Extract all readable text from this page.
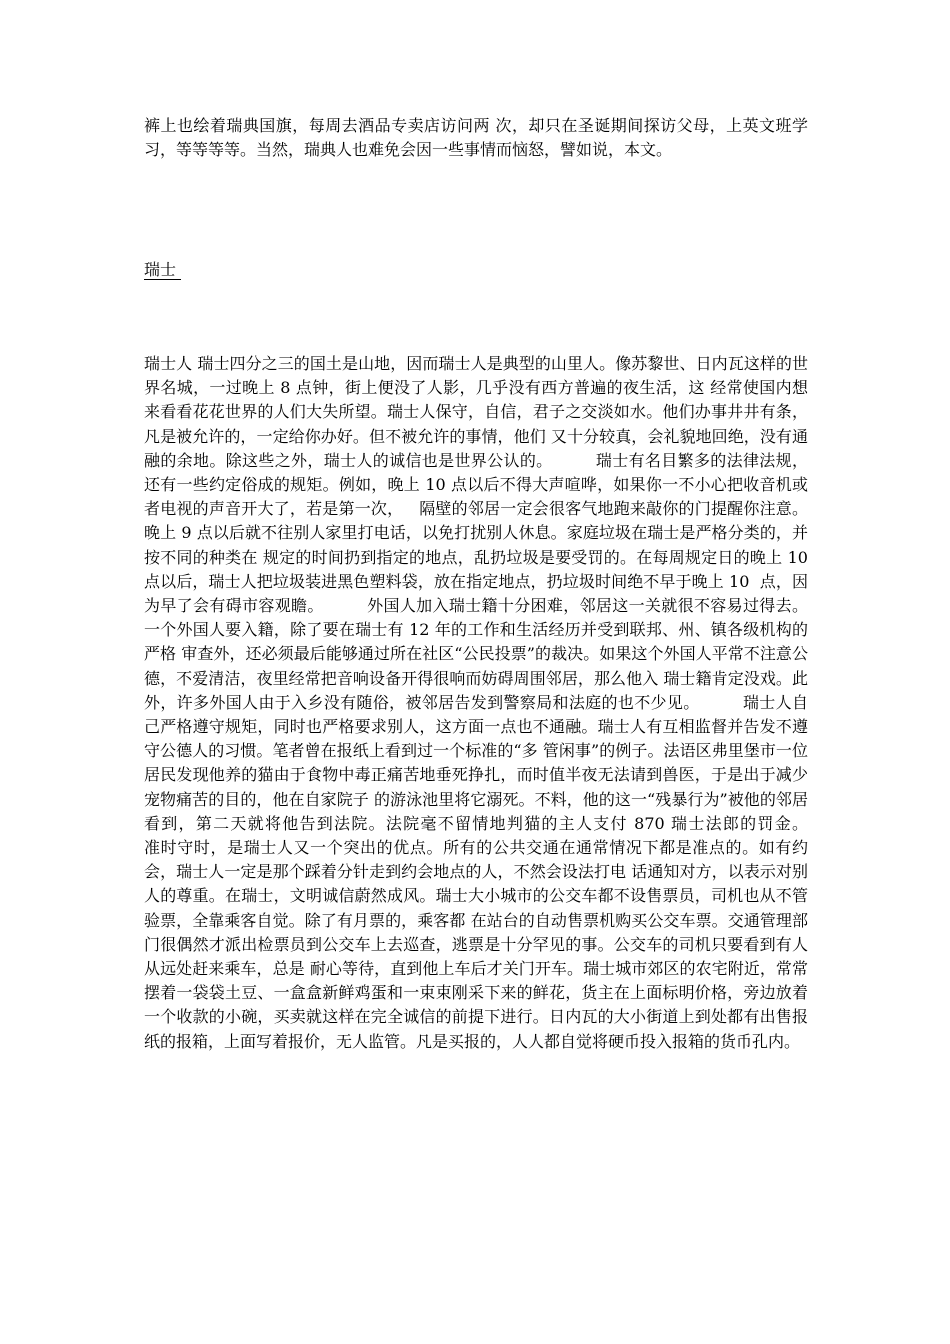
裤上也绘着瑞典国旗，每周去酒品专卖店访问两 次，却只在圣诞期间探访父母，上英文班学习，等等等等。当然，瑞典人也难免会因一些事情而恼怒，譬如说，本文。

瑞士

瑞士人 瑞士四分之三的国土是山地，因而瑞士人是典型的山里人。像苏黎世、日内瓦这样的世界名城，一过晚上 8 点钟，街上便没了人影，几乎没有西方普遍的夜生活，这 经常使国内想来看看花花世界的人们大失所望。瑞士人保守，自信，君子之交淡如水。他们办事井井有条，凡是被允许的，一定给你办好。但不被允许的事情，他们 又十分较真，会礼貌地回绝，没有通融的余地。除这些之外，瑞士人的诚信也是世界公认的。        瑞士有名目繁多的法律法规，还有一些约定俗成的规矩。例如，晚上 10 点以后不得大声喧哗，如果你一不小心把收音机或者电视的声音开大了，若是第一次，   隔壁的邻居一定会很客气地跑来敲你的门提醒你注意。晚上 9 点以后就不往别人家里打电话，以免打扰别人休息。家庭垃圾在瑞士是严格分类的，并按不同的种类在 规定的时间扔到指定的地点，乱扔垃圾是要受罚的。在每周规定日的晚上 10 点以后，瑞士人把垃圾装进黑色塑料袋，放在指定地点，扔垃圾时间绝不早于晚上 10  点，因为早了会有碍市容观瞻。        外国人加入瑞士籍十分困难，邻居这一关就很不容易过得去。一个外国人要入籍，除了要在瑞士有 12 年的工作和生活经历并受到联邦、州、镇各级机构的严格 审查外，还必须最后能够通过所在社区“公民投票”的裁决。如果这个外国人平常不注意公德，不爱清洁，夜里经常把音响设备开得很响而妨碍周围邻居，那么他入 瑞士籍肯定没戏。此外，许多外国人由于入乡没有随俗，被邻居告发到警察局和法庭的也不少见。        瑞士人自己严格遵守规矩，同时也严格要求别人，这方面一点也不通融。瑞士人有互相监督并告发不遵守公德人的习惯。笔者曾在报纸上看到过一个标准的“多 管闲事”的例子。法语区弗里堡市一位居民发现他养的猫由于食物中毒正痛苦地垂死挣扎，而时值半夜无法请到兽医，于是出于减少宠物痛苦的目的，他在自家院子 的游泳池里将它溺死。不料，他的这一“残暴行为”被他的邻居看到，第二天就将他告到法院。法院毫不留情地判猫的主人支付 870 瑞士法郎的罚金。        准时守时，是瑞士人又一个突出的优点。所有的公共交通在通常情况下都是准点的。如有约会，瑞士人一定是那个踩着分针走到约会地点的人，不然会设法打电 话通知对方，以表示对别人的尊重。在瑞士，文明诚信蔚然成风。瑞士大小城市的公交车都不设售票员，司机也从不管验票，全靠乘客自觉。除了有月票的，乘客都 在站台的自动售票机购买公交车票。交通管理部门很偶然才派出检票员到公交车上去巡查，逃票是十分罕见的事。公交车的司机只要看到有人从远处赶来乘车，总是 耐心等待，直到他上车后才关门开车。瑞士城市郊区的农宅附近，常常摆着一袋袋土豆、一盒盒新鲜鸡蛋和一束束刚采下来的鲜花，货主在上面标明价格，旁边放着 一个收款的小碗，买卖就这样在完全诚信的前提下进行。日内瓦的大小街道上到处都有出售报纸的报箱，上面写着报价，无人监管。凡是买报的，人人都自觉将硬币投入报箱的货币孔内。
